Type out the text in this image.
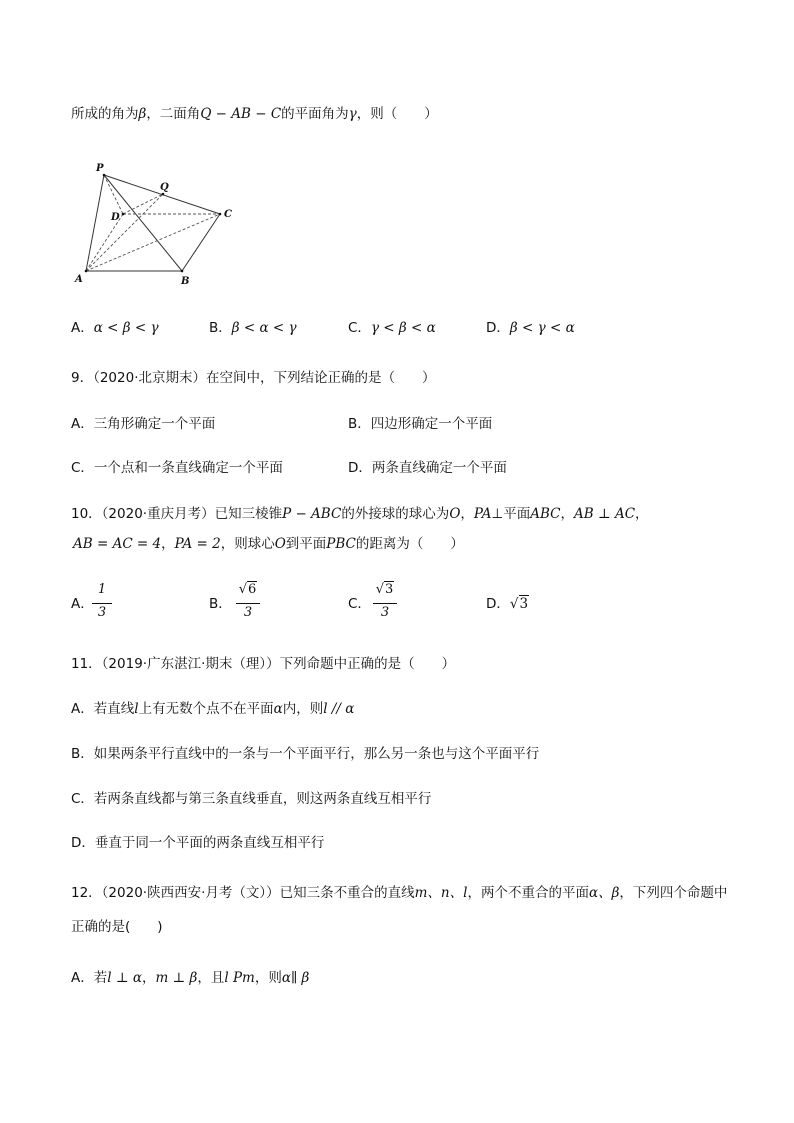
所成的角为β，二面角Q − AB − C的平面角为γ，则（　　）
P
Q
D	C
A	B
A．α < β < γ	B．β < α < γ	C．γ < β < α	D．β < γ < α
9．（2020·北京期末）在空间中，下列结论正确的是（　　）
A．三角形确定一个平面	B．四边形确定一个平面
C．一个点和一条直线确定一个平面	D．两条直线确定一个平面
10．（2020·重庆月考）已知三棱锥P − ABC的外接球的球心为O，PA⊥平面ABC，AB ⊥ AC，
AB = AC = 4，PA = 2，则球心O到平面PBC的距离为（　　）
A．
1
3
B．
√6
3
C．
√3
3
D．√3
11．（2019·广东湛江·期末（理））下列命题中正确的是（　　）
A．若直线l上有无数个点不在平面α内，则l // α
B．如果两条平行直线中的一条与一个平面平行，那么另一条也与这个平面平行
C．若两条直线都与第三条直线垂直，则这两条直线互相平行
D．垂直于同一个平面的两条直线互相平行
12．（2020·陕西西安·月考（文））已知三条不重合的直线m、n、l，两个不重合的平面α、β，下列四个命题中
正确的是(　　)
A．若l ⊥ α，m ⊥ β，且l Pm，则α∥ β
